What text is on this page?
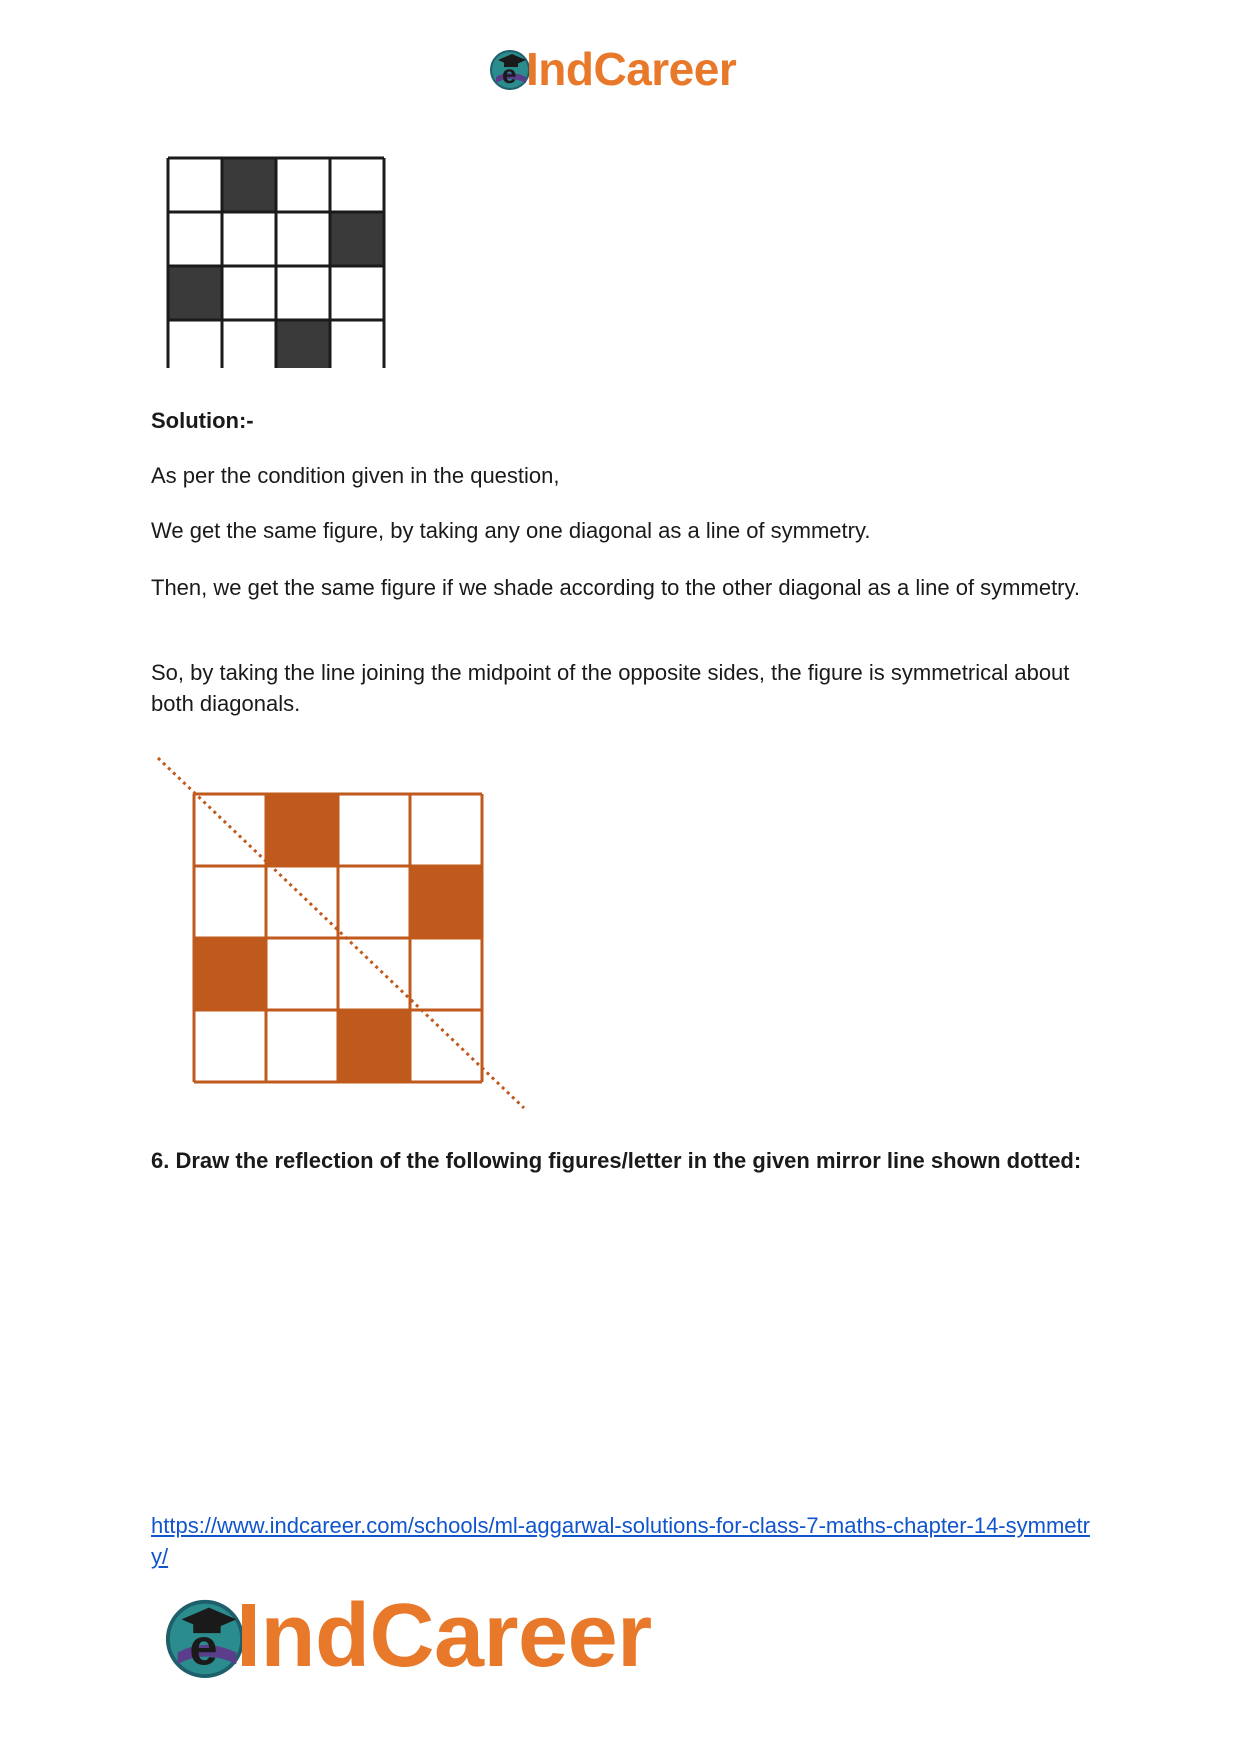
e IndCareer
Solution:-
As per the condition given in the question,
We get the same figure, by taking any one diagonal as a line of symmetry.
Then, we get the same figure if we shade according to the other diagonal as a line of symmetry.
So, by taking the line joining the midpoint of the opposite sides, the figure is symmetrical about both diagonals.
6. Draw the reflection of the following figures/letter in the given mirror line shown dotted:
https://www.indcareer.com/schools/ml-aggarwal-solutions-for-class-7-maths-chapter-14-symmetry/
e IndCareer
